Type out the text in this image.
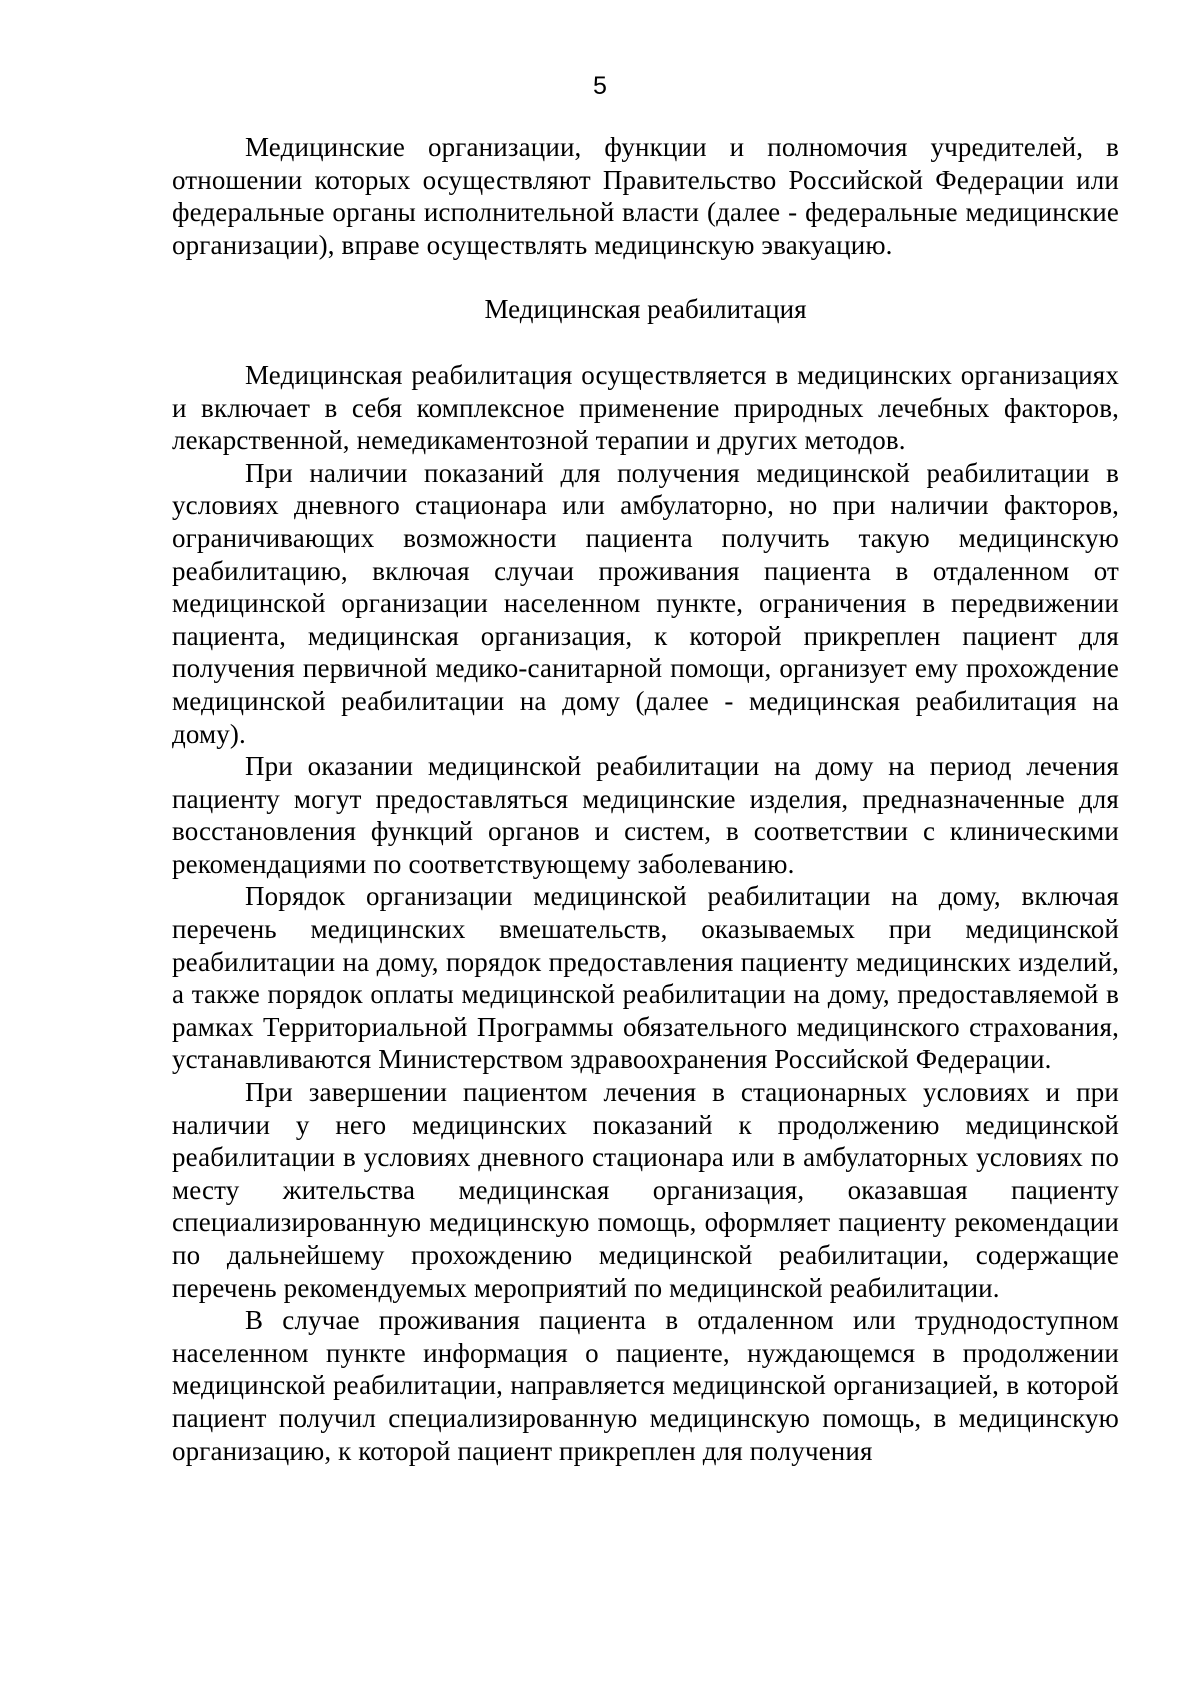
5

Медицинские организации, функции и полномочия учредителей, в отношении которых осуществляют Правительство Российской Федерации или федеральные органы исполнительной власти (далее - федеральные медицинские организации), вправе осуществлять медицинскую эвакуацию.

Медицинская реабилитация

Медицинская реабилитация осуществляется в медицинских организациях и включает в себя комплексное применение природных лечебных факторов, лекарственной, немедикаментозной терапии и других методов.

При наличии показаний для получения медицинской реабилитации в условиях дневного стационара или амбулаторно, но при наличии факторов, ограничивающих возможности пациента получить такую медицинскую реабилитацию, включая случаи проживания пациента в отдаленном от медицинской организации населенном пункте, ограничения в передвижении пациента, медицинская организация, к которой прикреплен пациент для получения первичной медико-санитарной помощи, организует ему прохождение медицинской реабилитации на дому (далее - медицинская реабилитация на дому).

При оказании медицинской реабилитации на дому на период лечения пациенту могут предоставляться медицинские изделия, предназначенные для восстановления функций органов и систем, в соответствии с клиническими рекомендациями по соответствующему заболеванию.

Порядок организации медицинской реабилитации на дому, включая перечень медицинских вмешательств, оказываемых при медицинской реабилитации на дому, порядок предоставления пациенту медицинских изделий, а также порядок оплаты медицинской реабилитации на дому, предоставляемой в рамках Территориальной Программы обязательного медицинского страхования, устанавливаются Министерством здравоохранения Российской Федерации.

При завершении пациентом лечения в стационарных условиях и при наличии у него медицинских показаний к продолжению медицинской реабилитации в условиях дневного стационара или в амбулаторных условиях по месту жительства медицинская организация, оказавшая пациенту специализированную медицинскую помощь, оформляет пациенту рекомендации по дальнейшему прохождению медицинской реабилитации, содержащие перечень рекомендуемых мероприятий по медицинской реабилитации.

В случае проживания пациента в отдаленном или труднодоступном населенном пункте информация о пациенте, нуждающемся в продолжении медицинской реабилитации, направляется медицинской организацией, в которой пациент получил специализированную медицинскую помощь, в медицинскую организацию, к которой пациент прикреплен для получения
